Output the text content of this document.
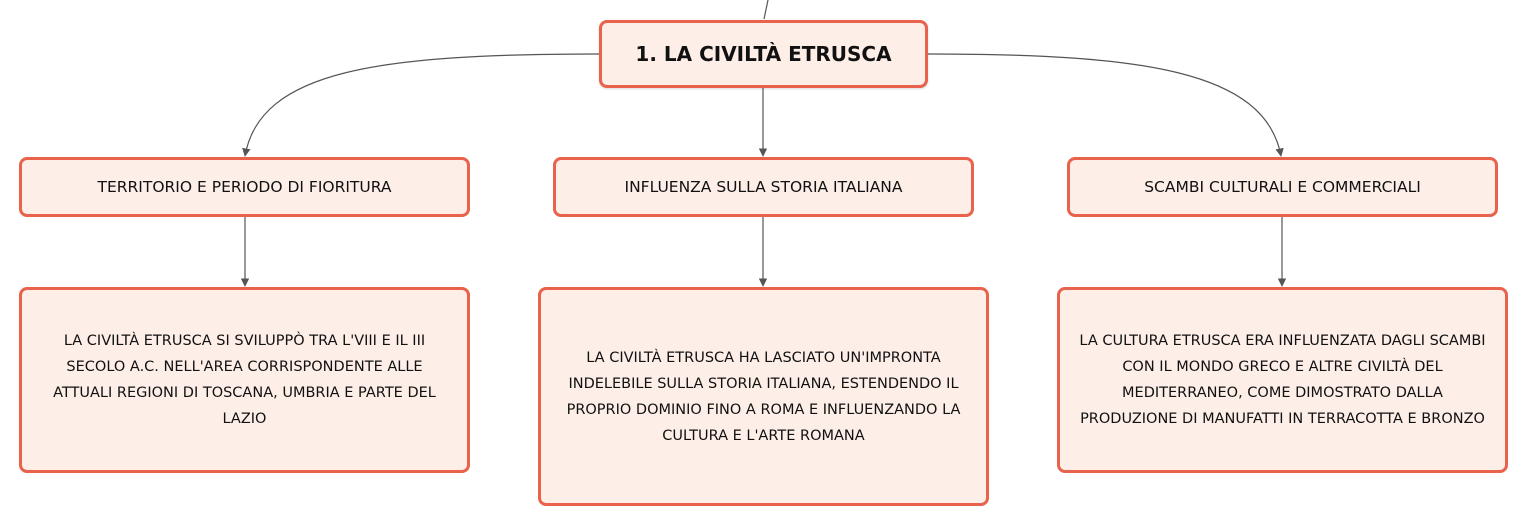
1. LA CIVILTÀ ETRUSCA
TERRITORIO E PERIODO DI FIORITURA	INFLUENZA SULLA STORIA ITALIANA	SCAMBI CULTURALI E COMMERCIALI
LA CIVILTÀ ETRUSCA SI SVILUPPÒ TRA L'VIII E IL III SECOLO A.C. NELL'AREA CORRISPONDENTE ALLE ATTUALI REGIONI DI TOSCANA, UMBRIA E PARTE DEL LAZIO
LA CIVILTÀ ETRUSCA HA LASCIATO UN'IMPRONTA INDELEBILE SULLA STORIA ITALIANA, ESTENDENDO IL PROPRIO DOMINIO FINO A ROMA E INFLUENZANDO LA CULTURA E L'ARTE ROMANA
LA CULTURA ETRUSCA ERA INFLUENZATA DAGLI SCAMBI CON IL MONDO GRECO E ALTRE CIVILTÀ DEL MEDITERRANEO, COME DIMOSTRATO DALLA PRODUZIONE DI MANUFATTI IN TERRACOTTA E BRONZO
